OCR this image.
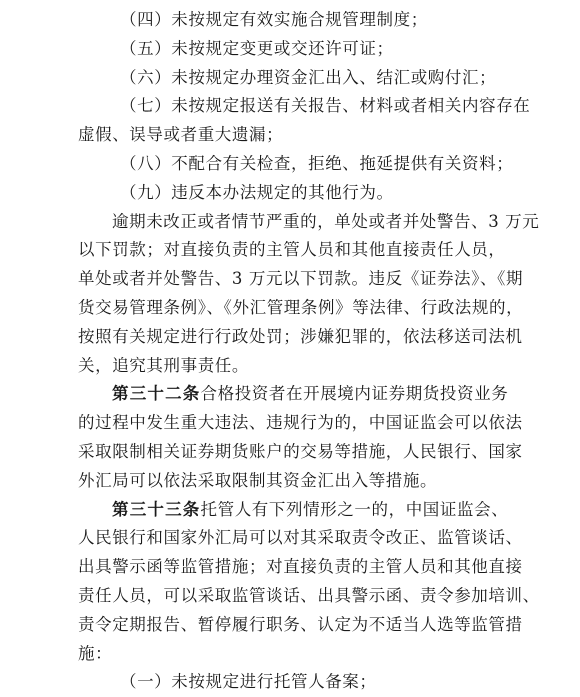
（四）未按规定有效实施合规管理制度；
（五）未按规定变更或交还许可证；
（六）未按规定办理资金汇出入、结汇或购付汇；
（七）未按规定报送有关报告、材料或者相关内容存在
虚假、误导或者重大遗漏；
（八）不配合有关检查，拒绝、拖延提供有关资料；
（九）违反本办法规定的其他行为。
逾期未改正或者情节严重的，单处或者并处警告、3 万元
以下罚款；对直接负责的主管人员和其他直接责任人员，
单处或者并处警告、3 万元以下罚款。违反《证券法》、《期
货交易管理条例》、《外汇管理条例》等法律、行政法规的，
按照有关规定进行行政处罚；涉嫌犯罪的，依法移送司法机
关，追究其刑事责任。
第三十二条合格投资者在开展境内证券期货投资业务
的过程中发生重大违法、违规行为的，中国证监会可以依法
采取限制相关证券期货账户的交易等措施，人民银行、国家
外汇局可以依法采取限制其资金汇出入等措施。
第三十三条托管人有下列情形之一的，中国证监会、
人民银行和国家外汇局可以对其采取责令改正、监管谈话、
出具警示函等监管措施；对直接负责的主管人员和其他直接
责任人员，可以采取监管谈话、出具警示函、责令参加培训、
责令定期报告、暂停履行职务、认定为不适当人选等监管措
施：
（一）未按规定进行托管人备案；
